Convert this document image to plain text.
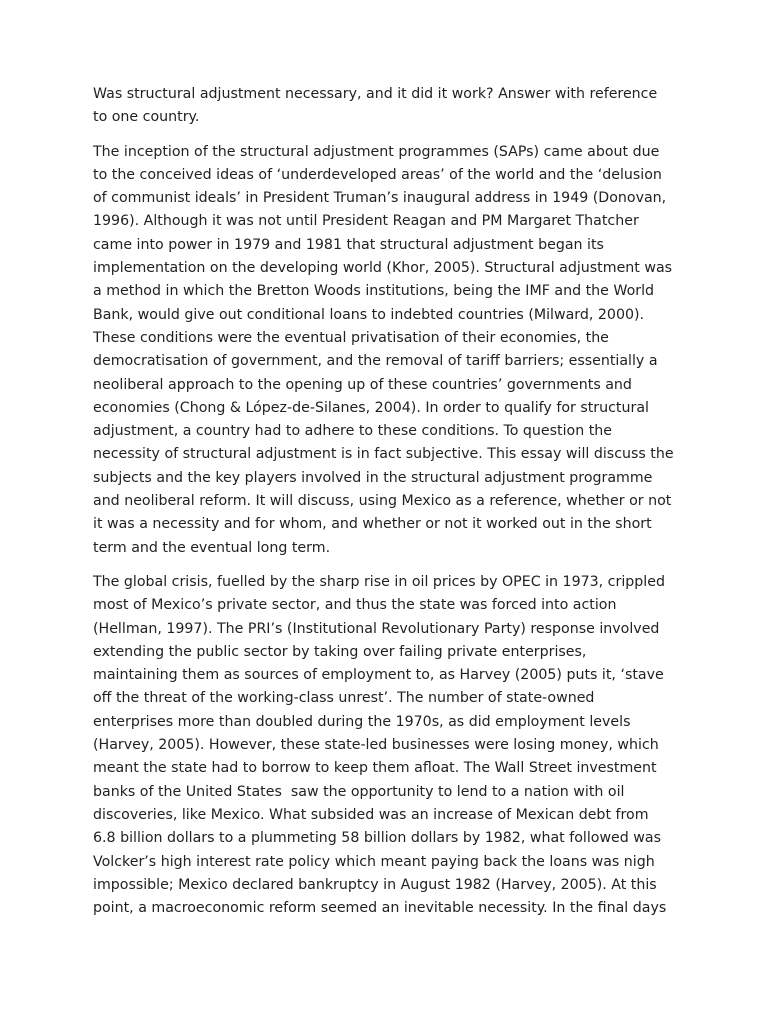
Was structural adjustment necessary, and it did it work? Answer with reference
to one country.
The inception of the structural adjustment programmes (SAPs) came about due
to the conceived ideas of ‘underdeveloped areas’ of the world and the ‘delusion
of communist ideals’ in President Truman’s inaugural address in 1949 (Donovan,
1996). Although it was not until President Reagan and PM Margaret Thatcher
came into power in 1979 and 1981 that structural adjustment began its
implementation on the developing world (Khor, 2005). Structural adjustment was
a method in which the Bretton Woods institutions, being the IMF and the World
Bank, would give out conditional loans to indebted countries (Milward, 2000).
These conditions were the eventual privatisation of their economies, the
democratisation of government, and the removal of tariff barriers; essentially a
neoliberal approach to the opening up of these countries’ governments and
economies (Chong & López-de-Silanes, 2004). In order to qualify for structural
adjustment, a country had to adhere to these conditions. To question the
necessity of structural adjustment is in fact subjective. This essay will discuss the
subjects and the key players involved in the structural adjustment programme
and neoliberal reform. It will discuss, using Mexico as a reference, whether or not
it was a necessity and for whom, and whether or not it worked out in the short
term and the eventual long term.
The global crisis, fuelled by the sharp rise in oil prices by OPEC in 1973, crippled
most of Mexico’s private sector, and thus the state was forced into action
(Hellman, 1997). The PRI’s (Institutional Revolutionary Party) response involved
extending the public sector by taking over failing private enterprises,
maintaining them as sources of employment to, as Harvey (2005) puts it, ‘stave
off the threat of the working-class unrest’. The number of state-owned
enterprises more than doubled during the 1970s, as did employment levels
(Harvey, 2005). However, these state-led businesses were losing money, which
meant the state had to borrow to keep them afloat. The Wall Street investment
banks of the United States  saw the opportunity to lend to a nation with oil
discoveries, like Mexico. What subsided was an increase of Mexican debt from
6.8 billion dollars to a plummeting 58 billion dollars by 1982, what followed was
Volcker’s high interest rate policy which meant paying back the loans was nigh
impossible; Mexico declared bankruptcy in August 1982 (Harvey, 2005). At this
point, a macroeconomic reform seemed an inevitable necessity. In the final days
